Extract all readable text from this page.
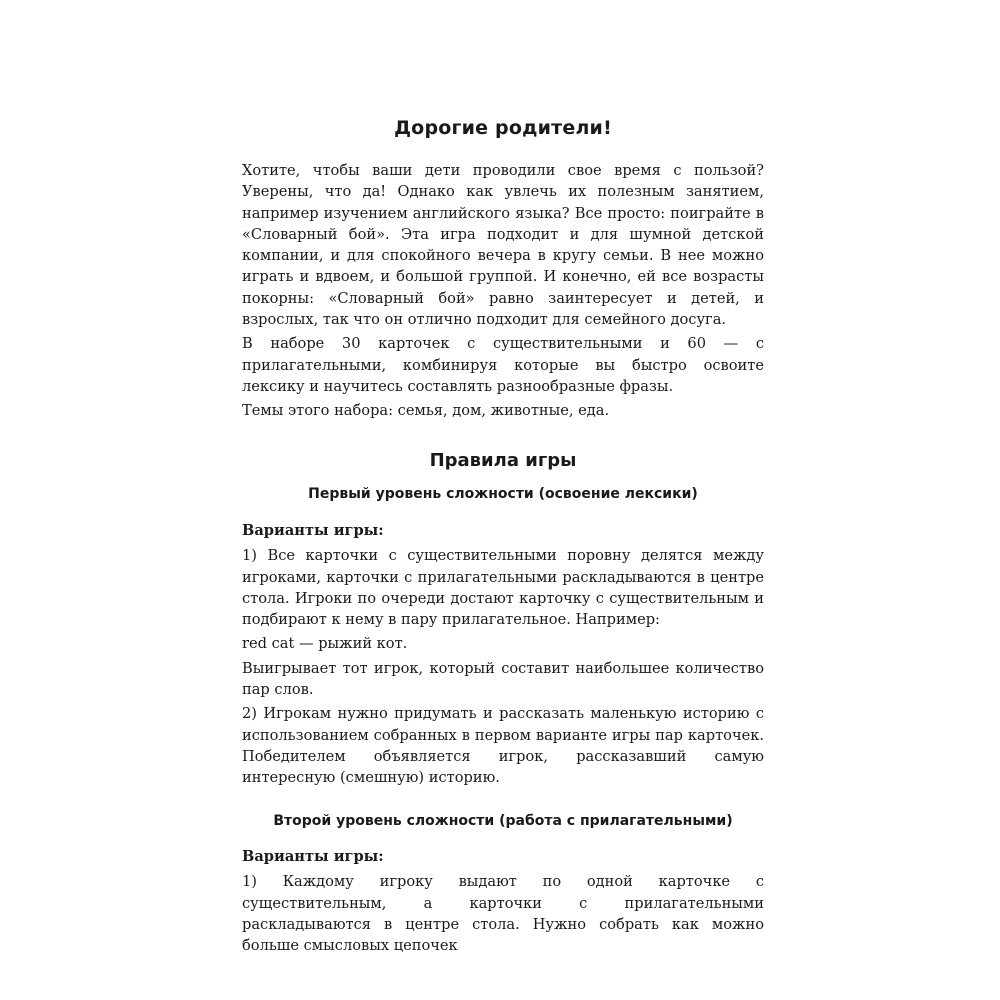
Дорогие родители!

Хотите, чтобы ваши дети проводили свое время с пользой? Уверены, что да! Однако как увлечь их полезным занятием, например изучением английского языка? Все просто: поиграйте в «Словарный бой». Эта игра подходит и для шумной детской компании, и для спокойного вечера в кругу семьи. В нее можно играть и вдвоем, и большой группой. И конечно, ей все возрасты покорны: «Словарный бой» равно заинтересует и детей, и взрослых, так что он отлично подходит для семейного досуга.

В наборе 30 карточек с существительными и 60 — с прилагательными, комбинируя которые вы быстро освоите лексику и научитесь составлять разнообразные фразы.

Темы этого набора: семья, дом, животные, еда.

Правила игры
Первый уровень сложности (освоение лексики)

Варианты игры:

1) Все карточки с существительными поровну делятся между игроками, карточки с прилагательными раскладываются в центре стола. Игроки по очереди достают карточку с существительным и подбирают к нему в пару прилагательное. Например:

red cat — рыжий кот.

Выигрывает тот игрок, который составит наибольшее количество пар слов.

2) Игрокам нужно придумать и рассказать маленькую историю с использованием собранных в первом варианте игры пар карточек. Победителем объявляется игрок, рассказавший самую интересную (смешную) историю.

Второй уровень сложности (работа с прилагательными)

Варианты игры:

1) Каждому игроку выдают по одной карточке с существительным, а карточки с прилагательными раскладываются в центре стола. Нужно собрать как можно больше смысловых цепочек
